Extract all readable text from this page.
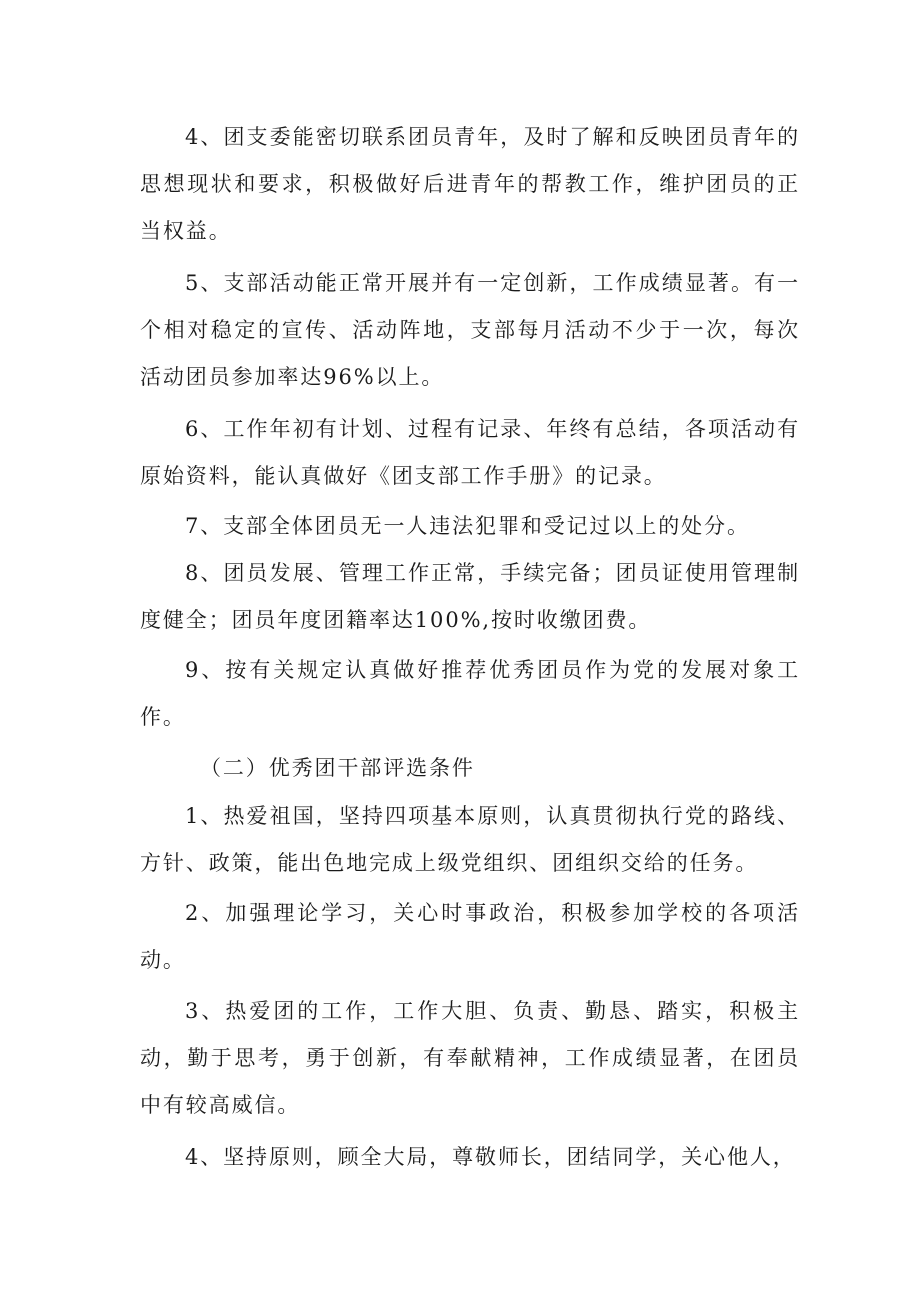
4、团支委能密切联系团员青年，及时了解和反映团员青年的思想现状和要求，积极做好后进青年的帮教工作，维护团员的正当权益。

5、支部活动能正常开展并有一定创新，工作成绩显著。有一个相对稳定的宣传、活动阵地，支部每月活动不少于一次，每次活动团员参加率达96%以上。

6、工作年初有计划、过程有记录、年终有总结，各项活动有原始资料，能认真做好《团支部工作手册》的记录。

7、支部全体团员无一人违法犯罪和受记过以上的处分。

8、团员发展、管理工作正常，手续完备；团员证使用管理制度健全；团员年度团籍率达100%,按时收缴团费。

9、按有关规定认真做好推荐优秀团员作为党的发展对象工作。

（二）优秀团干部评选条件

1、热爱祖国，坚持四项基本原则，认真贯彻执行党的路线、方针、政策，能出色地完成上级党组织、团组织交给的任务。

2、加强理论学习，关心时事政治，积极参加学校的各项活动。

3、热爱团的工作，工作大胆、负责、勤恳、踏实，积极主动，勤于思考，勇于创新，有奉献精神，工作成绩显著，在团员中有较高威信。

4、坚持原则，顾全大局，尊敬师长，团结同学，关心他人，
